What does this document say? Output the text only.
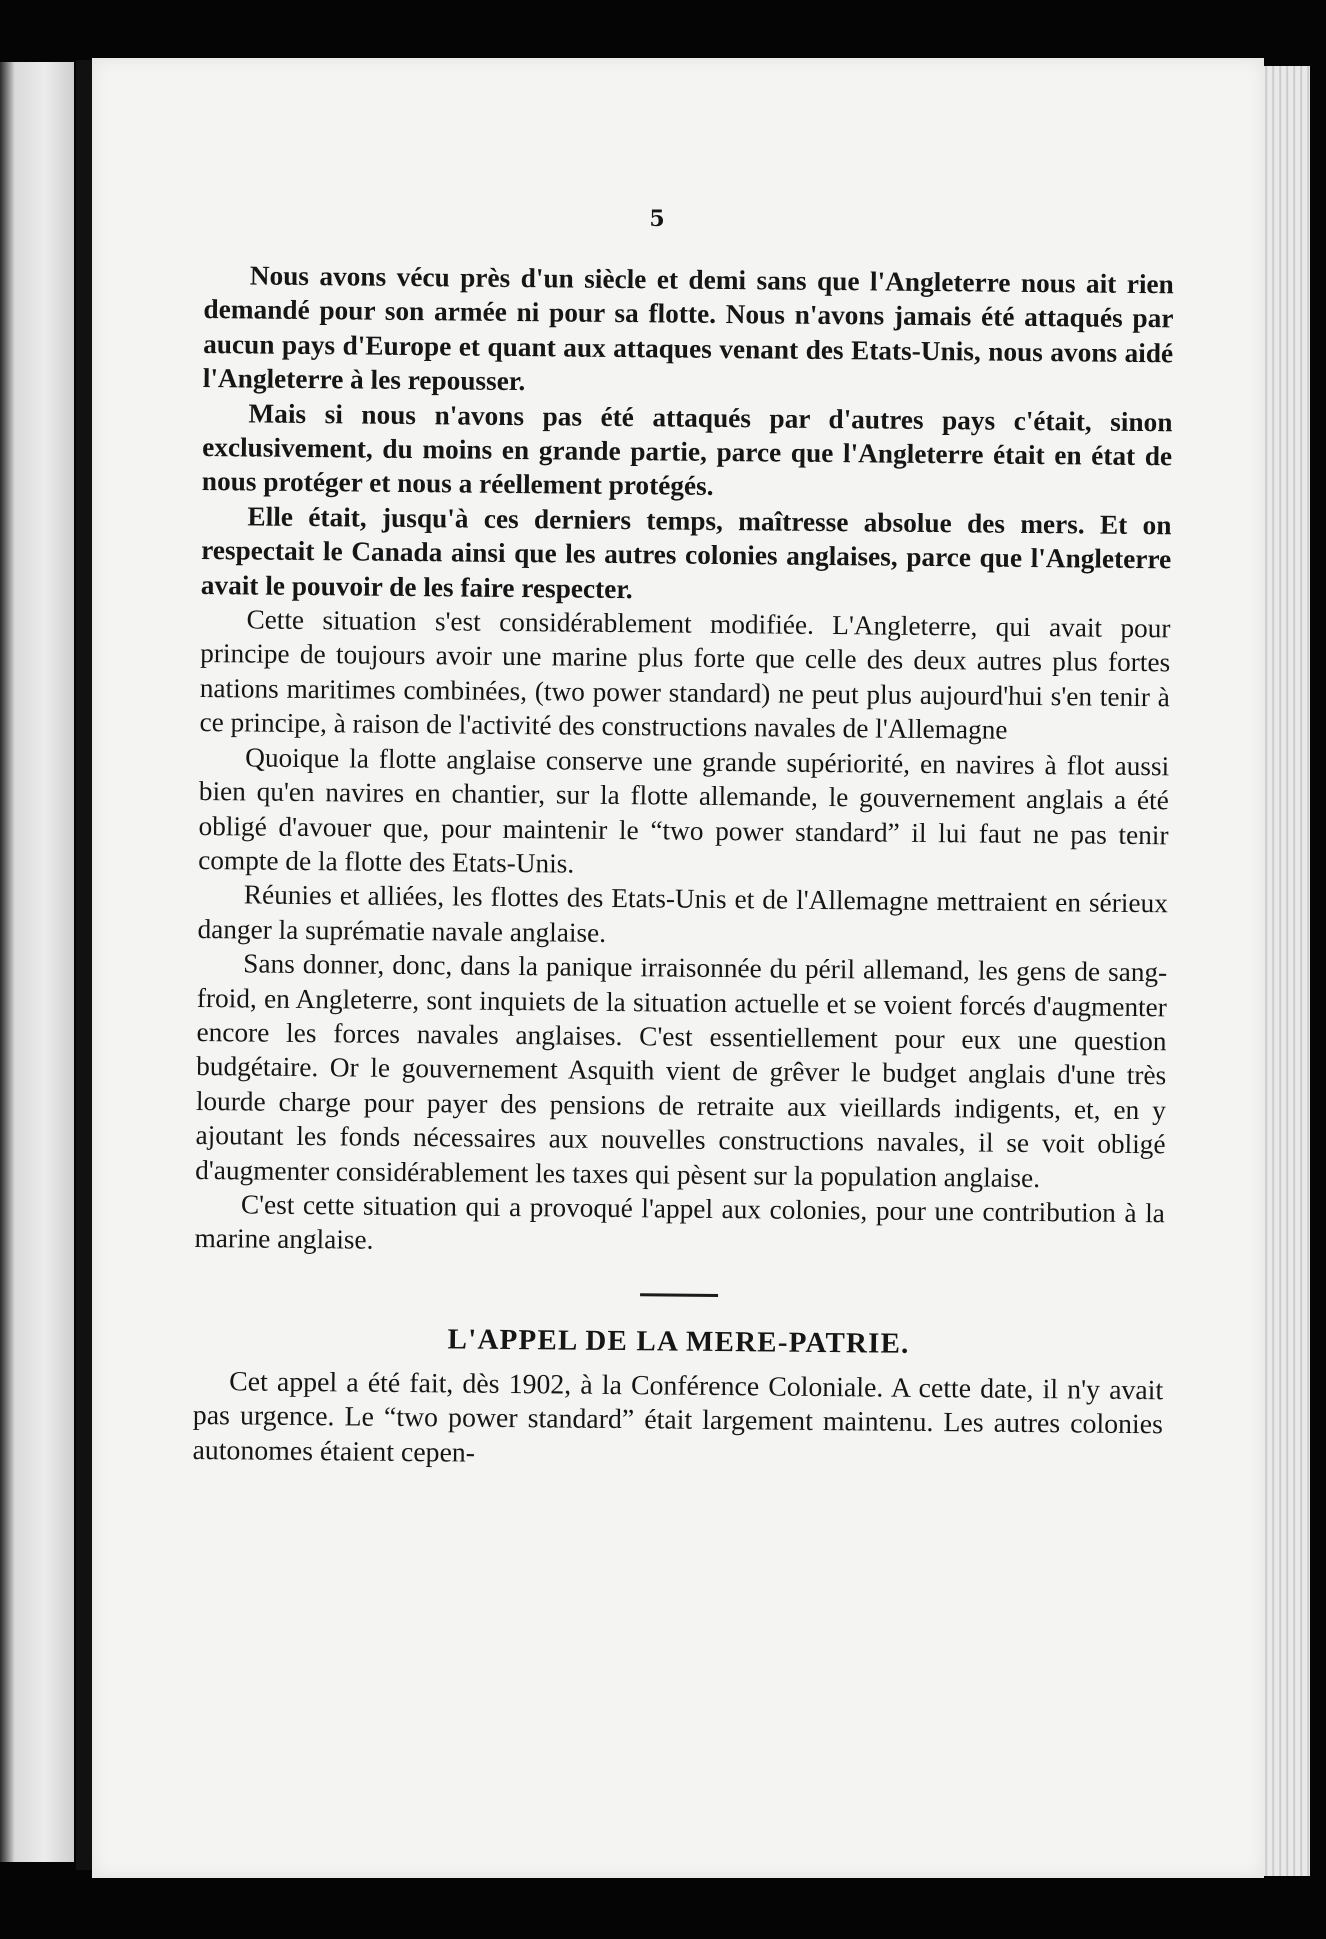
5

Nous avons vécu près d'un siècle et demi sans que l'Angleterre nous ait rien demandé pour son armée ni pour sa flotte. Nous n'avons jamais été attaqués par aucun pays d'Europe et quant aux attaques venant des Etats-Unis, nous avons aidé l'Angleterre à les repousser.

Mais si nous n'avons pas été attaqués par d'autres pays c'était, sinon exclusivement, du moins en grande partie, parce que l'Angleterre était en état de nous protéger et nous a réellement protégés.

Elle était, jusqu'à ces derniers temps, maîtresse absolue des mers. Et on respectait le Canada ainsi que les autres colonies anglaises, parce que l'Angleterre avait le pouvoir de les faire respecter.

Cette situation s'est considérablement modifiée. L'Angleterre, qui avait pour principe de toujours avoir une marine plus forte que celle des deux autres plus fortes nations maritimes combinées, (two power standard) ne peut plus aujourd'hui s'en tenir à ce principe, à raison de l'activité des constructions navales de l'Allemagne

Quoique la flotte anglaise conserve une grande supériorité, en navires à flot aussi bien qu'en navires en chantier, sur la flotte allemande, le gouvernement anglais a été obligé d'avouer que, pour maintenir le “two power standard” il lui faut ne pas tenir compte de la flotte des Etats-Unis.

Réunies et alliées, les flottes des Etats-Unis et de l'Allemagne mettraient en sérieux danger la suprématie navale anglaise.

Sans donner, donc, dans la panique irraisonnée du péril allemand, les gens de sang-froid, en Angleterre, sont inquiets de la situation actuelle et se voient forcés d'augmenter encore les forces navales anglaises. C'est essentiellement pour eux une question budgétaire. Or le gouvernement Asquith vient de grêver le budget anglais d'une très lourde charge pour payer des pensions de retraite aux vieillards indigents, et, en y ajoutant les fonds nécessaires aux nouvelles constructions navales, il se voit obligé d'augmenter considérablement les taxes qui pèsent sur la population anglaise.

C'est cette situation qui a provoqué l'appel aux colonies, pour une contribution à la marine anglaise.

L'APPEL DE LA MERE-PATRIE.

Cet appel a été fait, dès 1902, à la Conférence Coloniale. A cette date, il n'y avait pas urgence. Le “two power standard” était largement maintenu. Les autres colonies autonomes étaient cepen-
